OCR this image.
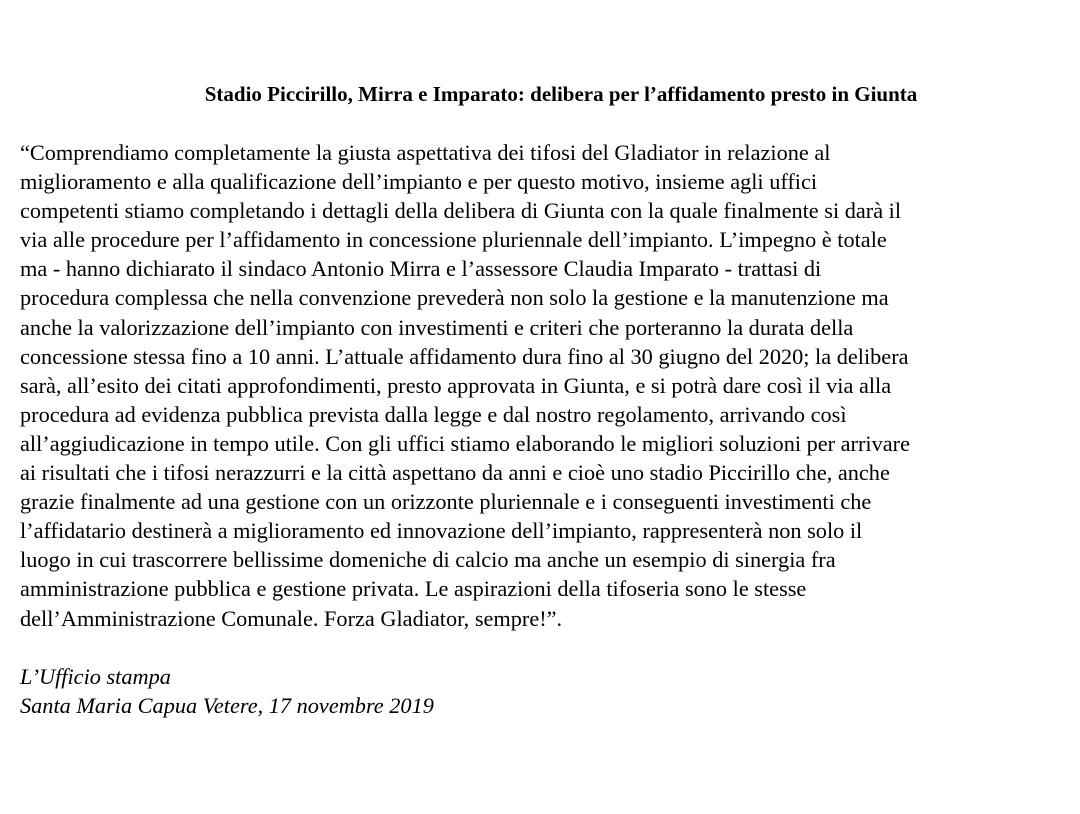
Stadio Piccirillo, Mirra e Imparato: delibera per l’affidamento presto in Giunta
“Comprendiamo completamente la giusta aspettativa dei tifosi del Gladiator in relazione al
miglioramento e alla qualificazione dell’impianto e per questo motivo, insieme agli uffici
competenti stiamo completando i dettagli della delibera di Giunta con la quale finalmente si darà il
via alle procedure per l’affidamento in concessione pluriennale dell’impianto. L’impegno è totale
ma - hanno dichiarato il sindaco Antonio Mirra e l’assessore Claudia Imparato - trattasi di
procedura complessa che nella convenzione prevederà non solo la gestione e la manutenzione ma
anche la valorizzazione dell’impianto con investimenti e criteri che porteranno la durata della
concessione stessa fino a 10 anni. L’attuale affidamento dura fino al 30 giugno del 2020; la delibera
sarà, all’esito dei citati approfondimenti, presto approvata in Giunta, e si potrà dare così il via alla
procedura ad evidenza pubblica prevista dalla legge e dal nostro regolamento, arrivando così
all’aggiudicazione in tempo utile. Con gli uffici stiamo elaborando le migliori soluzioni per arrivare
ai risultati che i tifosi nerazzurri e la città aspettano da anni e cioè uno stadio Piccirillo che, anche
grazie finalmente ad una gestione con un orizzonte pluriennale e i conseguenti investimenti che
l’affidatario destinerà a miglioramento ed innovazione dell’impianto, rappresenterà non solo il
luogo in cui trascorrere bellissime domeniche di calcio ma anche un esempio di sinergia fra
amministrazione pubblica e gestione privata. Le aspirazioni della tifoseria sono le stesse
dell’Amministrazione Comunale. Forza Gladiator, sempre!”.
L’Ufficio stampa
Santa Maria Capua Vetere, 17 novembre 2019
